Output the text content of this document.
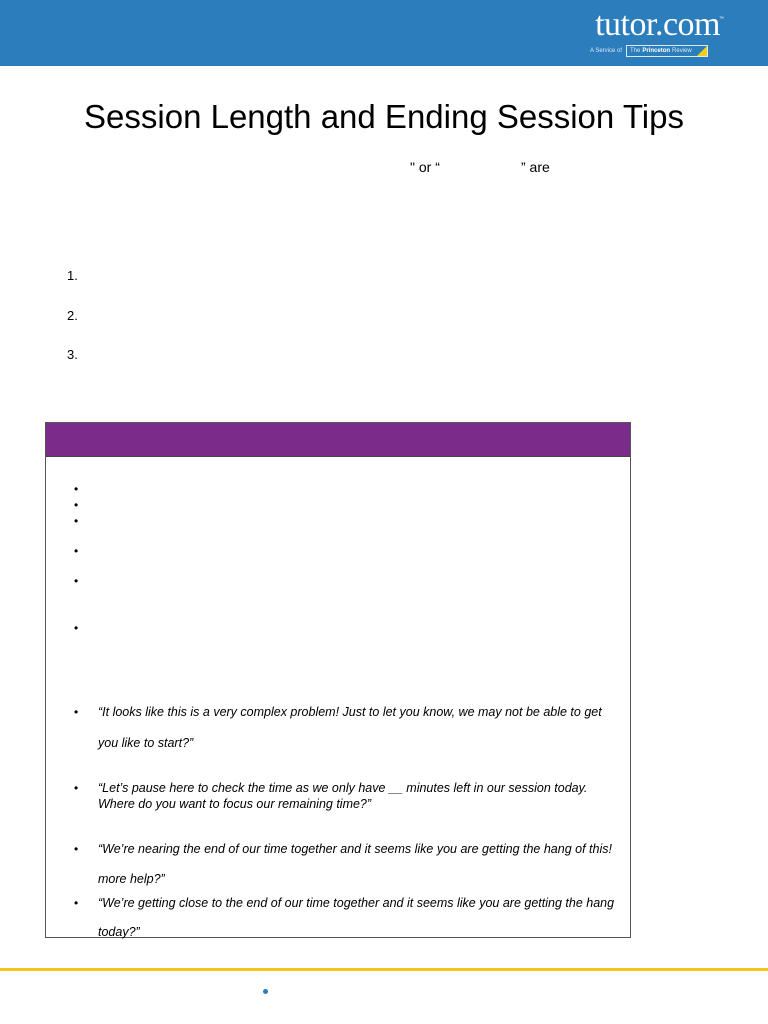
tutor.com ™
A Service of The Princeton Review
Session Length and Ending Session Tips
" or “	” are
1.
2.
3.
•
•
•
•
•
•
•	“It looks like this is a very complex problem! Just to let you know, we may not be able to get
you like to start?”
•	“Let’s pause here to check the time as we only have __ minutes left in our session today.
Where do you want to focus our remaining time?”
•	“We’re nearing the end of our time together and it seems like you are getting the hang of this!
more help?”
•	“We’re getting close to the end of our time together and it seems like you are getting the hang
today?”
